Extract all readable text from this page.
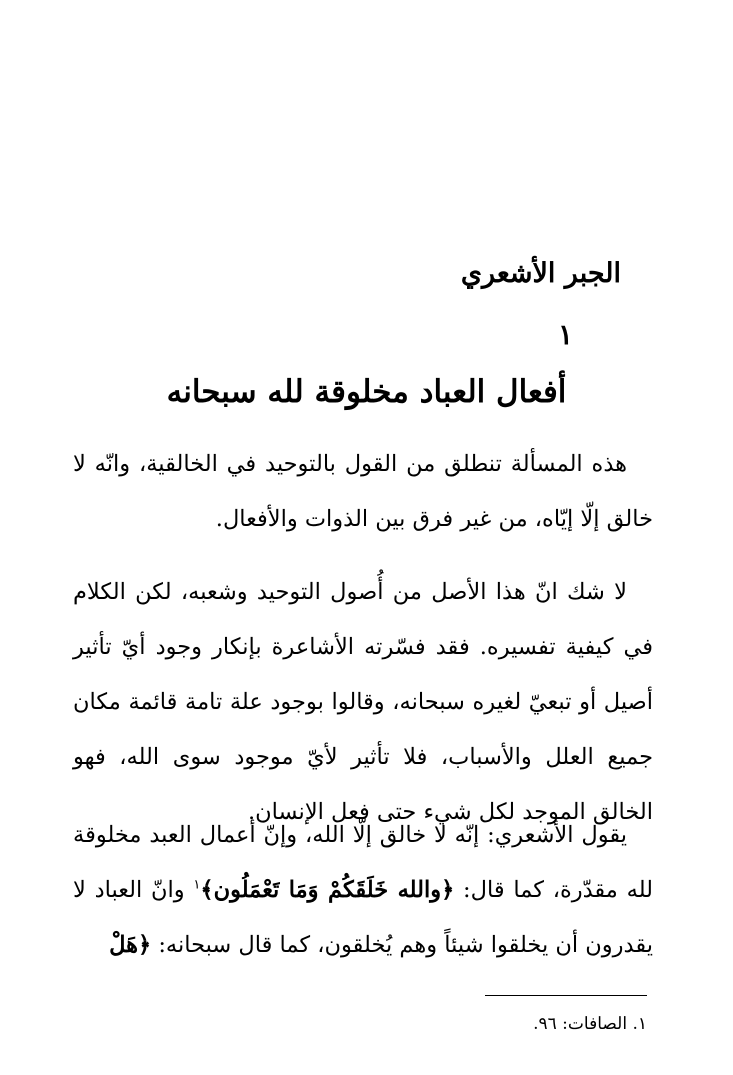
الجبر الأشعري
١
أفعال العباد مخلوقة لله سبحانه

هذه المسألة تنطلق من القول بالتوحيد في الخالقية، وانّه لا خالق إلّا إيّاه، من غير فرق بين الذوات والأفعال.

لا شك انّ هذا الأصل من أُصول التوحيد وشعبه، لكن الكلام في كيفية تفسيره. فقد فسّرته الأشاعرة بإنكار وجود أيّ تأثير أصيل أو تبعيّ لغيره سبحانه، وقالوا بوجود علة تامة قائمة مكان جميع العلل والأسباب، فلا تأثير لأيّ موجود سوى الله، فهو الخالق الموجد لكل شيء حتى فعل الإنسان.

يقول الأشعري: إنّه لا خالق إلّا الله، وإنّ أعمال العبد مخلوقة لله مقدّرة، كما قال: ﴿والله خَلَقَكُمْ وَمَا تَعْمَلُون﴾$^١$ وانّ العباد لا يقدرون أن يخلقوا شيئاً وهم يُخلقون، كما قال سبحانه: ﴿هَلْ

١. الصافات: ٩٦.
